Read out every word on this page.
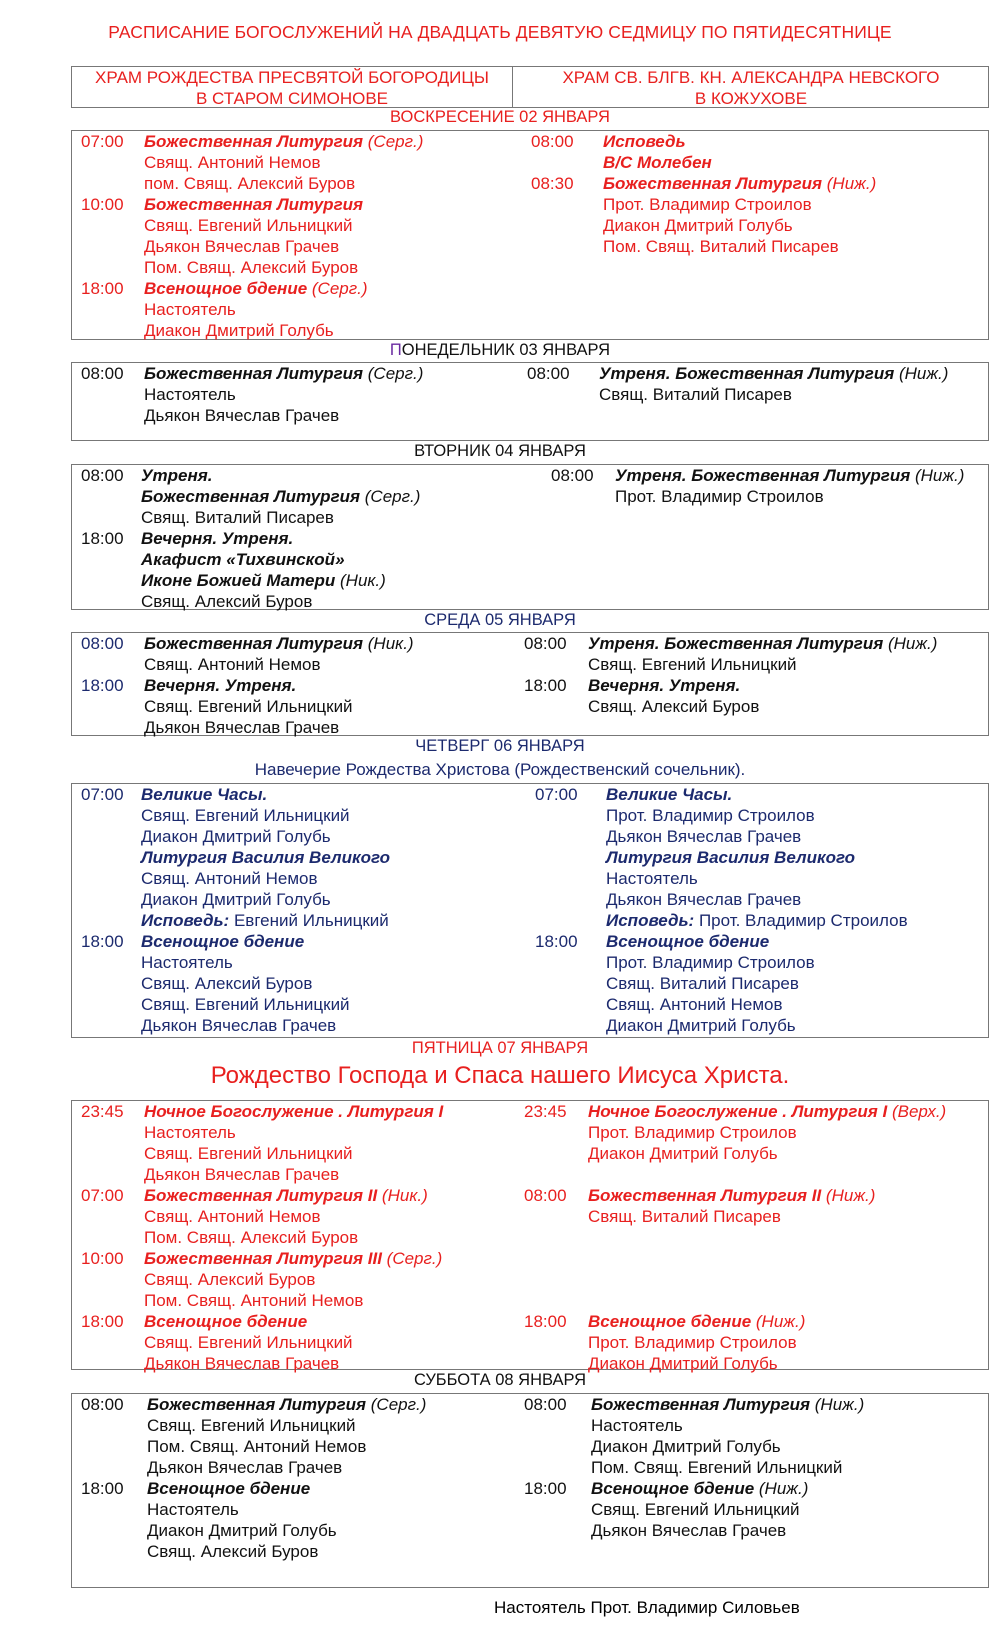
РАСПИСАНИЕ БОГОСЛУЖЕНИЙ НА ДВАДЦАТЬ ДЕВЯТУЮ СЕДМИЦУ ПО ПЯТИДЕСЯТНИЦЕ
ХРАМ РОЖДЕСТВА ПРЕСВЯТОЙ БОГОРОДИЦЫ
В СТАРОМ СИМОНОВЕ
ХРАМ СВ. БЛГВ. КН. АЛЕКСАНДРА НЕВСКОГО
В КОЖУХОВЕ
ВОСКРЕСЕНИЕ 02 ЯНВАРЯ
07:00 Божественная Литургия (Серг.)
Свящ. Антоний Немов
пом. Свящ. Алексий Буров
10:00 Божественная Литургия
Свящ. Евгений Ильницкий
Дьякон Вячеслав Грачев
Пом. Свящ. Алексий Буров
18:00 Всенощное бдение (Серг.)
Настоятель
Диакон Дмитрий Голубь
08:00 Исповедь
В/С Молебен
08:30 Божественная Литургия (Ниж.)
Прот. Владимир Строилов
Диакон Дмитрий Голубь
Пом. Свящ. Виталий Писарев
ПОНЕДЕЛЬНИК 03 ЯНВАРЯ
08:00 Божественная Литургия (Серг.)
Настоятель
Дьякон Вячеслав Грачев
08:00 Утреня. Божественная Литургия (Ниж.)
Свящ. Виталий Писарев
ВТОРНИК 04 ЯНВАРЯ
08:00 Утреня.
Божественная Литургия (Серг.)
Свящ. Виталий Писарев
18:00 Вечерня. Утреня.
Акафист «Тихвинской»
Иконе Божией Матери (Ник.)
Свящ. Алексий Буров
08:00 Утреня. Божественная Литургия (Ниж.)
Прот. Владимир Строилов
СРЕДА 05 ЯНВАРЯ
08:00 Божественная Литургия (Ник.)
Свящ. Антоний Немов
18:00 Вечерня. Утреня.
Свящ. Евгений Ильницкий
Дьякон Вячеслав Грачев
08:00 Утреня. Божественная Литургия (Ниж.)
Свящ. Евгений Ильницкий
18:00 Вечерня. Утреня.
Свящ. Алексий Буров
ЧЕТВЕРГ 06 ЯНВАРЯ
Навечерие Рождества Христова (Рождественский сочельник).
07:00 Великие Часы.
Свящ. Евгений Ильницкий
Диакон Дмитрий Голубь
Литургия Василия Великого
Свящ. Антоний Немов
Диакон Дмитрий Голубь
Исповедь: Евгений Ильницкий
18:00 Всенощное бдение
Настоятель
Свящ. Алексий Буров
Свящ. Евгений Ильницкий
Дьякон Вячеслав Грачев
07:00 Великие Часы.
Прот. Владимир Строилов
Дьякон Вячеслав Грачев
Литургия Василия Великого
Настоятель
Дьякон Вячеслав Грачев
Исповедь: Прот. Владимир Строилов
18:00 Всенощное бдение
Прот. Владимир Строилов
Свящ. Виталий Писарев
Свящ. Антоний Немов
Диакон Дмитрий Голубь
ПЯТНИЦА 07 ЯНВАРЯ
Рождество Господа и Спаса нашего Иисуса Христа.
23:45 Ночное Богослужение . Литургия I
Настоятель
Свящ. Евгений Ильницкий
Дьякон Вячеслав Грачев
07:00 Божественная Литургия II (Ник.)
Свящ. Антоний Немов
Пом. Свящ. Алексий Буров
10:00 Божественная Литургия III (Серг.)
Свящ. Алексий Буров
Пом. Свящ. Антоний Немов
18:00 Всенощное бдение
Свящ. Евгений Ильницкий
Дьякон Вячеслав Грачев
23:45 Ночное Богослужение . Литургия I (Верх.)
Прот. Владимир Строилов
Диакон Дмитрий Голубь
08:00 Божественная Литургия II (Ниж.)
Свящ. Виталий Писарев
18:00 Всенощное бдение (Ниж.)
Прот. Владимир Строилов
Диакон Дмитрий Голубь
СУББОТА 08 ЯНВАРЯ
08:00 Божественная Литургия (Серг.)
Свящ. Евгений Ильницкий
Пом. Свящ. Антоний Немов
Дьякон Вячеслав Грачев
18:00 Всенощное бдение
Настоятель
Диакон Дмитрий Голубь
Свящ. Алексий Буров
08:00 Божественная Литургия (Ниж.)
Настоятель
Диакон Дмитрий Голубь
Пом. Свящ. Евгений Ильницкий
18:00 Всенощное бдение (Ниж.)
Свящ. Евгений Ильницкий
Дьякон Вячеслав Грачев
Настоятель Прот. Владимир Силовьев
